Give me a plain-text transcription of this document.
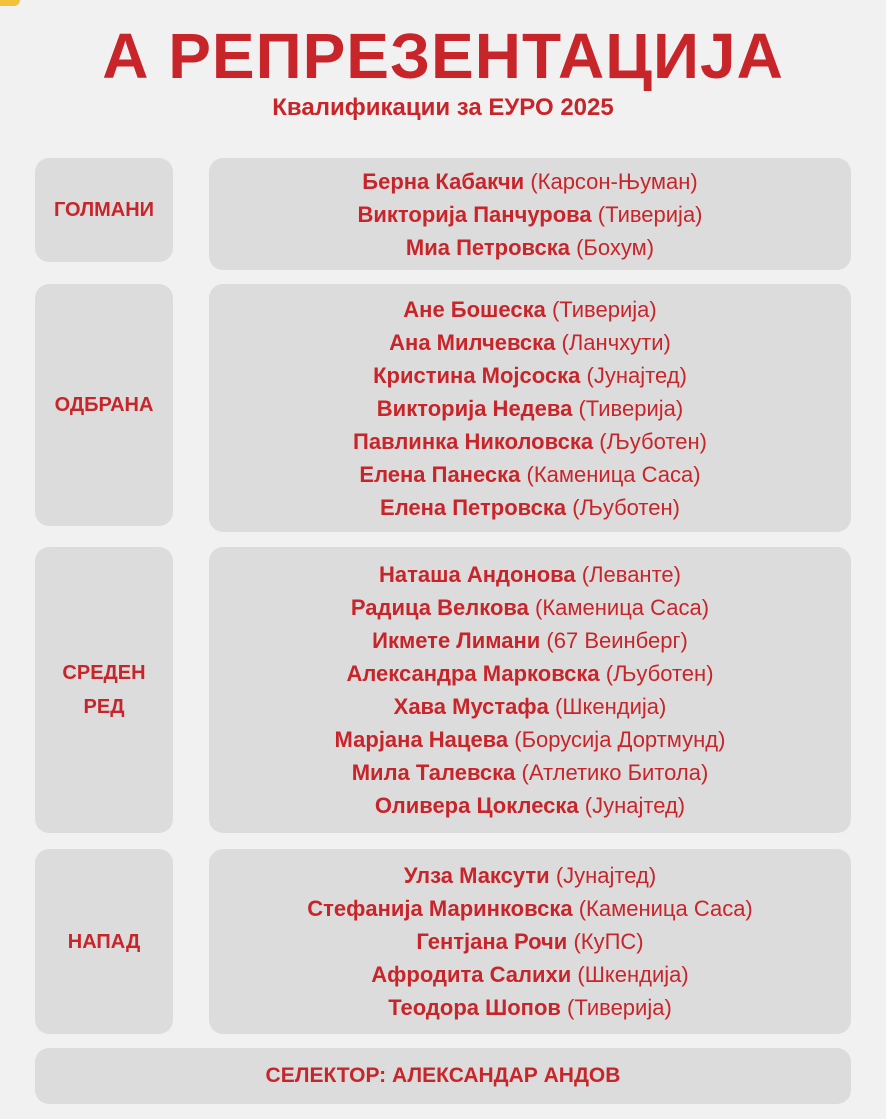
А РЕПРЕЗЕНТАЦИЈА
Квалификации за ЕУРО 2025
ГОЛМАНИ
Берна Кабакчи (Карсон-Њуман)
Викторија Панчурова (Тиверија)
Миа Петровска (Бохум)
ОДБРАНА
Ане Бошеска (Тиверија)
Ана Милчевска (Ланчхути)
Кристина Мојсоска (Јунајтед)
Викторија Недева (Тиверија)
Павлинка Николовска (Љуботен)
Елена Панеска (Каменица Саса)
Елена Петровска (Љуботен)
СРЕДЕН РЕД
Наташа Андонова (Леванте)
Радица Велкова (Каменица Саса)
Икмете Лимани (67 Веинберг)
Александра Марковска (Љуботен)
Хава Мустафа (Шкендија)
Марјана Нацева (Борусија Дортмунд)
Мила Талевска (Атлетико Битола)
Оливера Цоклеска (Јунајтед)
НАПАД
Улза Максути (Јунајтед)
Стефанија Маринковска (Каменица Саса)
Гентјана Рочи (КуПС)
Афродита Салихи (Шкендија)
Теодора Шопов (Тиверија)
СЕЛЕКТОР: АЛЕКСАНДАР АНДОВ
